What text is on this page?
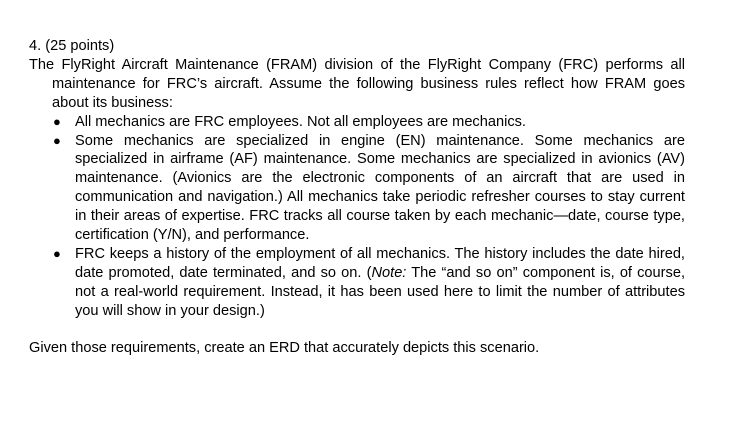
4. (25 points)

The FlyRight Aircraft Maintenance (FRAM) division of the FlyRight Company (FRC) performs all maintenance for FRC’s aircraft. Assume the following business rules reflect how FRAM goes about its business:

● All mechanics are FRC employees. Not all employees are mechanics.
● Some mechanics are specialized in engine (EN) maintenance. Some mechanics are specialized in airframe (AF) maintenance. Some mechanics are specialized in avionics (AV) maintenance. (Avionics are the electronic components of an aircraft that are used in communication and navigation.) All mechanics take periodic refresher courses to stay current in their areas of expertise. FRC tracks all course taken by each mechanic—date, course type, certification (Y/N), and performance.
● FRC keeps a history of the employment of all mechanics. The history includes the date hired, date promoted, date terminated, and so on. (Note: The “and so on” component is, of course, not a real-world requirement. Instead, it has been used here to limit the number of attributes you will show in your design.)

Given those requirements, create an ERD that accurately depicts this scenario.
